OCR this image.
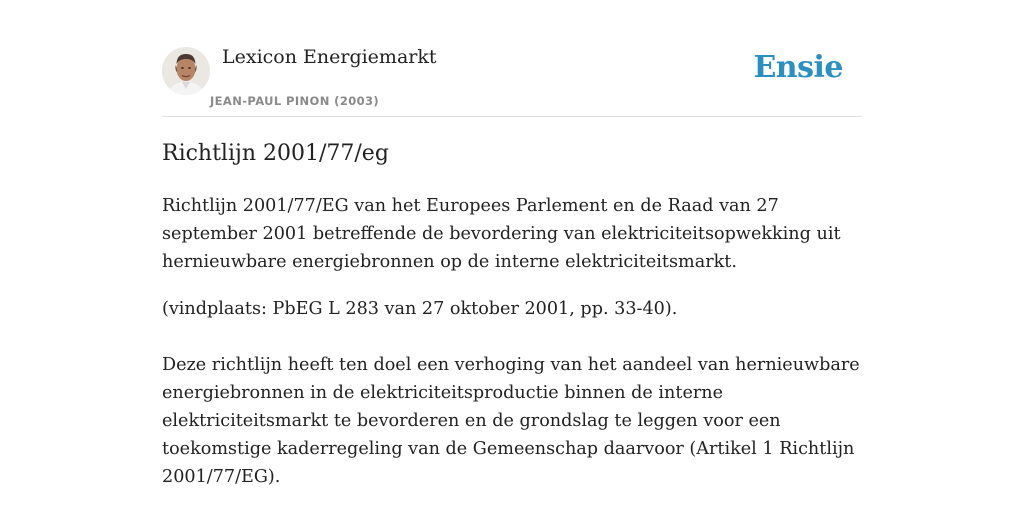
Lexicon Energiemarkt
JEAN-PAUL PINON (2003)
Ensie
Richtlijn 2001/77/eg

Richtlijn 2001/77/EG van het Europees Parlement en de Raad van 27 september 2001 betreffende de bevordering van elektriciteitsopwekking uit hernieuwbare energiebronnen op de interne elektriciteitsmarkt.

(vindplaats: PbEG L 283 van 27 oktober 2001, pp. 33-40).

Deze richtlijn heeft ten doel een verhoging van het aandeel van hernieuwbare energiebronnen in de elektriciteitsproductie binnen de interne elektriciteitsmarkt te bevorderen en de grondslag te leggen voor een toekomstige kaderregeling van de Gemeenschap daarvoor (Artikel 1 Richtlijn 2001/77/EG).
